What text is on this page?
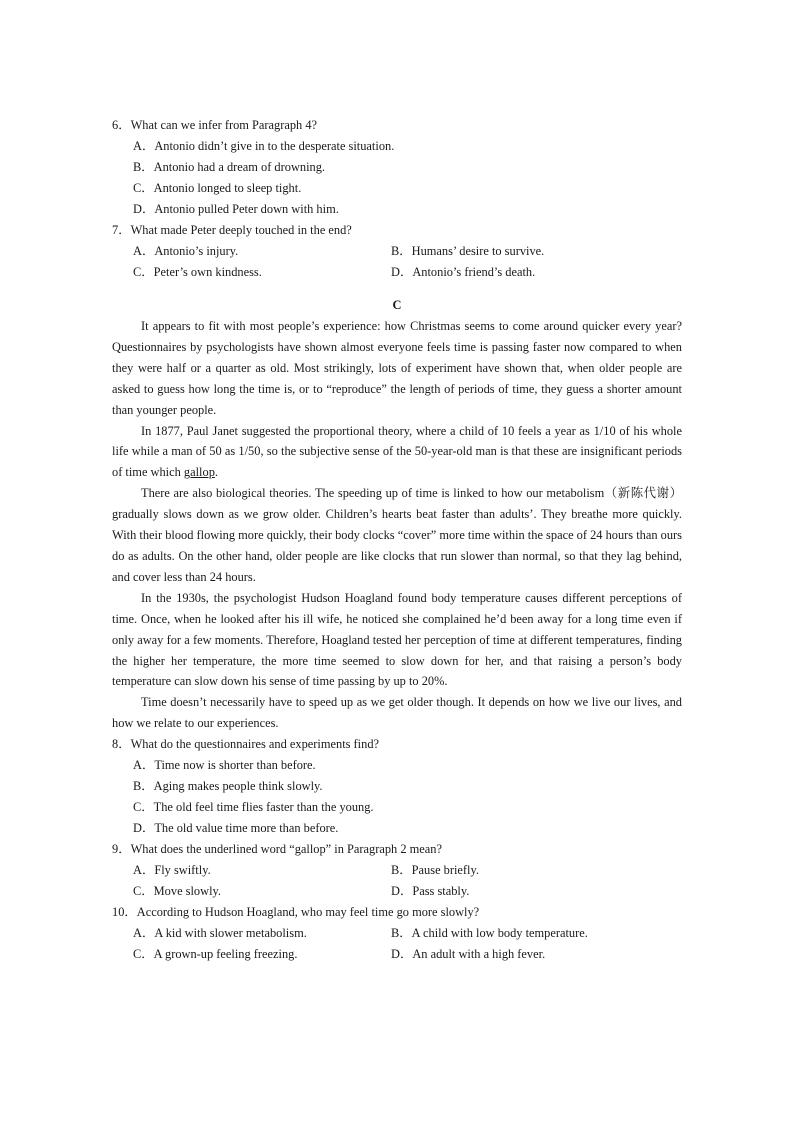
6．What can we infer from Paragraph 4?
A．Antonio didn’t give in to the desperate situation.
B．Antonio had a dream of drowning.
C．Antonio longed to sleep tight.
D．Antonio pulled Peter down with him.
7．What made Peter deeply touched in the end?
A．Antonio’s injury.	B．Humans’ desire to survive.
C．Peter’s own kindness.	D．Antonio’s friend’s death.
C

It appears to fit with most people’s experience: how Christmas seems to come around quicker every year? Questionnaires by psychologists have shown almost everyone feels time is passing faster now compared to when they were half or a quarter as old. Most strikingly, lots of experiment have shown that, when older people are asked to guess how long the time is, or to “reproduce” the length of periods of time, they guess a shorter amount than younger people.

In 1877, Paul Janet suggested the proportional theory, where a child of 10 feels a year as 1/10 of his whole life while a man of 50 as 1/50, so the subjective sense of the 50-year-old man is that these are insignificant periods of time which gallop.

There are also biological theories. The speeding up of time is linked to how our metabolism（新陈代谢）gradually slows down as we grow older. Children’s hearts beat faster than adults’. They breathe more quickly. With their blood flowing more quickly, their body clocks “cover” more time within the space of 24 hours than ours do as adults. On the other hand, older people are like clocks that run slower than normal, so that they lag behind, and cover less than 24 hours.

In the 1930s, the psychologist Hudson Hoagland found body temperature causes different perceptions of time. Once, when he looked after his ill wife, he noticed she complained he’d been away for a long time even if only away for a few moments. Therefore, Hoagland tested her perception of time at different temperatures, finding the higher her temperature, the more time seemed to slow down for her, and that raising a person’s body temperature can slow down his sense of time passing by up to 20%.

Time doesn’t necessarily have to speed up as we get older though. It depends on how we live our lives, and how we relate to our experiences.

8．What do the questionnaires and experiments find?
A．Time now is shorter than before.
B．Aging makes people think slowly.
C．The old feel time flies faster than the young.
D．The old value time more than before.
9．What does the underlined word “gallop” in Paragraph 2 mean?
A．Fly swiftly.	B．Pause briefly.
C．Move slowly.	D．Pass stably.
10．According to Hudson Hoagland, who may feel time go more slowly?
A．A kid with slower metabolism.	B．A child with low body temperature.
C．A grown-up feeling freezing.	D．An adult with a high fever.
